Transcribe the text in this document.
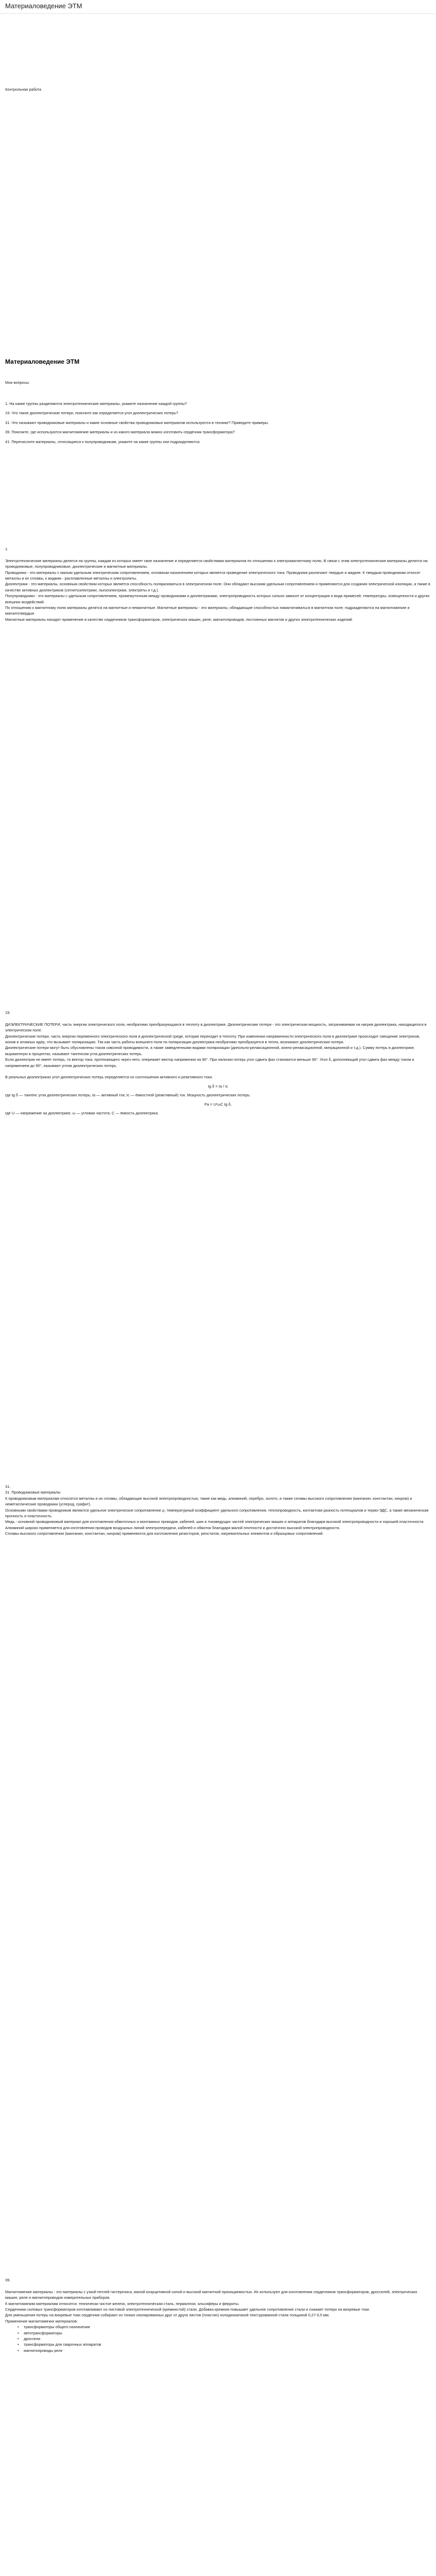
Материаловедение ЭТМ
Контрольная работа
Материаловедение ЭТМ
Мои вопросы:

1. На какие группы разделяются электротехнические материалы, укажите назначение каждой группы?

19. Что такое диэлектрические потери, поясните как определяется угол диэлектрических потерь?

31. Что называют проводниковые материалы и какие основные свойства проводниковых материалов используются в технике? Приведите примеры.

39. Поясните, где используются магнитомягкие материалы и из какого материала можно изготовить сердечник трансформатора?

41. Перечислите материалы, относящиеся к полупроводникам, укажите на какие группы они подразделяются.

1.

Электротехнические материалы делятся на группы, каждая из которых имеет свое назначение и определяется свойствами материалов по отношению к электромагнитному полю. В связи с этим электротехнические материалы делятся на: проводниковые, полупроводниковые, диэлектрические и магнитные материалы.

Проводники - это материалы с малым удельным электрическим сопротивлением, основным назначением которых является проведение электрического тока. Проводники различают твердые и жидкие. К твердым проводникам относят металлы и их сплавы, к жидким - расплавленные металлы и электролиты.

Диэлектрики - это материалы, основным свойством которых является способность поляризоваться в электрическом поле. Они обладают высоким удельным сопротивлением и применяются для создания электрической изоляции, а также в качестве активных диэлектриков (сегнетоэлектрики, пьезоэлектрики, электреты и т.д.).

Полупроводники - это материалы с удельным сопротивлением, промежуточным между проводниками и диэлектриками, электропроводность которых сильно зависит от концентрации и вида примесей, температуры, освещенности и других внешних воздействий.

По отношению к магнитному полю материалы делятся на магнитные и немагнитные. Магнитные материалы - это материалы, обладающие способностью намагничиваться в магнитном поле; подразделяются на магнитомягкие и магнитотвердые.

Магнитные материалы находят применение в качестве сердечников трансформаторов, электрических машин, реле, магнитопроводов, постоянных магнитов и других электротехнических изделий.

19.

ДИЭЛЕКТРИЧЕСКИЕ ПОТЕРИ, часть энергии электрического поля, необратимо преобразующаяся в теплоту в диэлектрике. Диэлектрические потери - это электрическая мощность, затрачиваемая на нагрев диэлектрика, находящегося в электрическом поле.

Диэлектрические потери, часть энергии переменного электрического поля в диэлектрической среде, которая переходит в теплоту. При изменении напряженности электрического поля в диэлектрике происходит смещение электронов, ионов и атомных ядер, что вызывает поляризацию. Так как часть работы внешнего поля по поляризации диэлектрика необратимо преобразуется в тепло, возникают диэлектрические потери.

Диэлектрические потери могут быть обусловлены током сквозной проводимости, а также замедленными видами поляризации (дипольно-релаксационной, ионно-релаксационной, миграционной и т.д.). Сумму потерь в диэлектрике, выраженную в процентах, называют тангенсом угла диэлектрических потерь.

Если диэлектрик не имеет потерь, то вектор тока, протекающего через него, опережает вектор напряжения на 90°. При наличии потерь угол сдвига фаз становится меньше 90°. Угол δ, дополняющий угол сдвига фаз между током и напряжением до 90°, называют углом диэлектрических потерь.

В реальных диэлектриках угол диэлектрических потерь определяется из соотношения активного и реактивного тока:

tg δ = Ia / Ic

где tg δ — тангенс угла диэлектрических потерь; Ia — активный ток; Ic — ёмкостной (реактивный) ток. Мощность диэлектрических потерь:

Pa = U²ωC tg δ,

где U — напряжение на диэлектрике; ω — угловая частота; C — ёмкость диэлектрика.

31.

31. Проводниковые материалы

К проводниковым материалам относятся металлы и их сплавы, обладающие высокой электропроводностью, такие как медь, алюминий, серебро, золото, а также сплавы высокого сопротивления (манганин, константан, нихром) и неметаллические проводники (углерод, графит).

Основными свойствами проводников являются удельное электрическое сопротивление ρ, температурный коэффициент удельного сопротивления, теплопроводность, контактная разность потенциалов и термо-ЭДС, а также механическая прочность и пластичность.

Медь - основной проводниковый материал для изготовления обмоточных и монтажных проводов, кабелей, шин и токоведущих частей электрических машин и аппаратов благодаря высокой электропроводности и хорошей пластичности.

Алюминий широко применяется для изготовления проводов воздушных линий электропередачи, кабелей и обмоток благодаря малой плотности и достаточно высокой электропроводности.

Сплавы высокого сопротивления (манганин, константан, нихром) применяются для изготовления резисторов, реостатов, нагревательных элементов и образцовых сопротивлений.

39.

Магнитомягкие материалы - это материалы с узкой петлей гистерезиса, малой коэрцитивной силой и высокой магнитной проницаемостью. Их используют для изготовления сердечников трансформаторов, дросселей, электрических машин, реле и магнитопроводов измерительных приборов.

К магнитомягким материалам относятся: технически чистое железо, электротехническая сталь, пермаллои, альсиферы и ферриты.

Сердечники силовых трансформаторов изготавливают из листовой электротехнической (кремнистой) стали. Добавка кремния повышает удельное сопротивление стали и снижает потери на вихревые токи.

Для уменьшения потерь на вихревые токи сердечник собирают из тонких изолированных друг от друга листов (пластин) холоднокатаной текстурованной стали толщиной 0,27-0,5 мм.

Применение магнитомягких материалов:

• трансформаторы общего назначения
• автотрансформаторы
• дроссели
• трансформаторы для сварочных аппаратов
• магнитопроводы реле
